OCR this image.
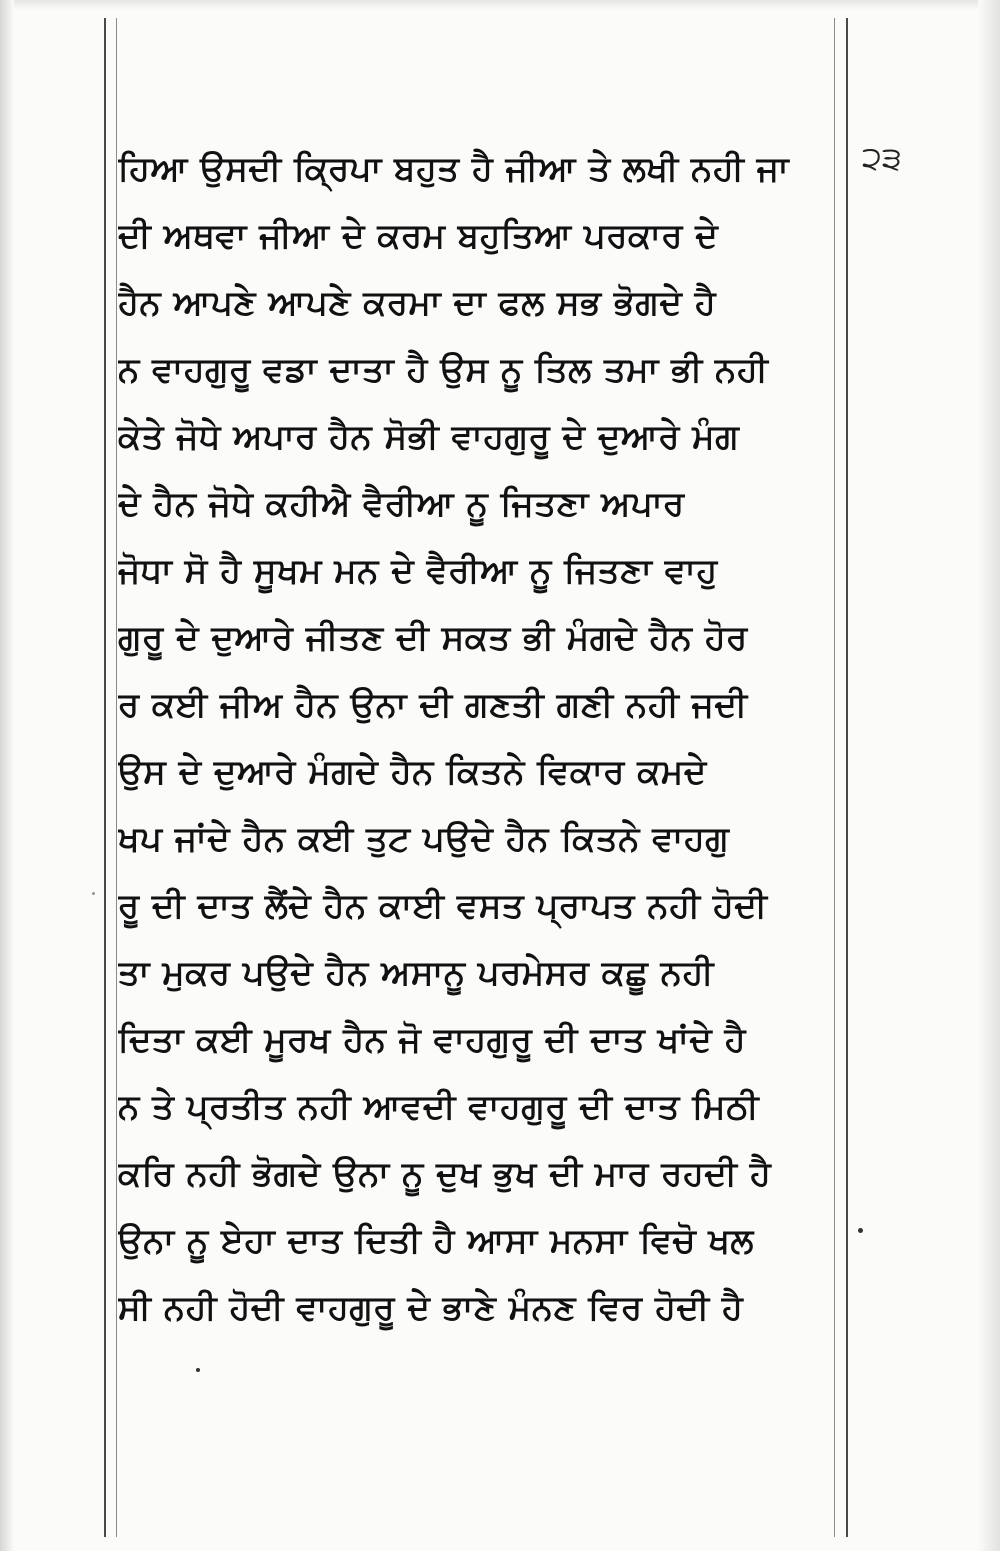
੨੩
ਹਿਆ ਉਸਦੀ ਕ੍ਰਿਪਾ ਬਹੁਤ ਹੈ ਜੀਆ ਤੇ ਲਖੀ ਨਹੀ ਜਾ
ਦੀ ਅਥਵਾ ਜੀਆ ਦੇ ਕਰਮ ਬਹੁਤਿਆ ਪਰਕਾਰ ਦੇ
ਹੈਨ ਆਪਣੇ ਆਪਣੇ ਕਰਮਾ ਦਾ ਫਲ ਸਭ ਭੋਗਦੇ ਹੈ
ਨ ਵਾਹਗੁਰੂ ਵਡਾ ਦਾਤਾ ਹੈ ਉਸ ਨੂ ਤਿਲ ਤਮਾ ਭੀ ਨਹੀ
ਕੇਤੇ ਜੋਧੇ ਅਪਾਰ ਹੈਨ ਸੋਭੀ ਵਾਹਗੁਰੂ ਦੇ ਦੁਆਰੇ ਮੰਗ
ਦੇ ਹੈਨ ਜੋਧੇ ਕਹੀਐ ਵੈਰੀਆ ਨੂ ਜਿਤਣਾ ਅਪਾਰ
ਜੋਧਾ ਸੋ ਹੈ ਸੂਖਮ ਮਨ ਦੇ ਵੈਰੀਆ ਨੂ ਜਿਤਣਾ ਵਾਹੁ
ਗੁਰੂ ਦੇ ਦੁਆਰੇ ਜੀਤਣ ਦੀ ਸਕਤ ਭੀ ਮੰਗਦੇ ਹੈਨ ਹੋਰ
ਰ ਕਈ ਜੀਅ ਹੈਨ ਉਨਾ ਦੀ ਗਣਤੀ ਗਣੀ ਨਹੀ ਜਦੀ
ਉਸ ਦੇ ਦੁਆਰੇ ਮੰਗਦੇ ਹੈਨ ਕਿਤਨੇ ਵਿਕਾਰ ਕਮਦੇ
ਖਪ ਜਾਂਦੇ ਹੈਨ ਕਈ ਤੁਟ ਪਉਦੇ ਹੈਨ ਕਿਤਨੇ ਵਾਹਗੁ
ਰੂ ਦੀ ਦਾਤ ਲੈਂਦੇ ਹੈਨ ਕਾਈ ਵਸਤ ਪ੍ਰਾਪਤ ਨਹੀ ਹੋਦੀ
ਤਾ ਮੁਕਰ ਪਉਦੇ ਹੈਨ ਅਸਾਨੂ ਪਰਮੇਸਰ ਕਛੂ ਨਹੀ
ਦਿਤਾ ਕਈ ਮੂਰਖ ਹੈਨ ਜੋ ਵਾਹਗੁਰੂ ਦੀ ਦਾਤ ਖਾਂਦੇ ਹੈ
ਨ ਤੇ ਪ੍ਰਤੀਤ ਨਹੀ ਆਵਦੀ ਵਾਹਗੁਰੂ ਦੀ ਦਾਤ ਮਿਠੀ
ਕਰਿ ਨਹੀ ਭੋਗਦੇ ਉਨਾ ਨੂ ਦੁਖ ਭੁਖ ਦੀ ਮਾਰ ਰਹਦੀ ਹੈ
ਉਨਾ ਨੂ ਏਹਾ ਦਾਤ ਦਿਤੀ ਹੈ ਆਸਾ ਮਨਸਾ ਵਿਚੋ ਖਲ
ਸੀ ਨਹੀ ਹੋਦੀ ਵਾਹਗੁਰੂ ਦੇ ਭਾਣੇ ਮੰਨਣ ਵਿਰ ਹੋਦੀ ਹੈ
